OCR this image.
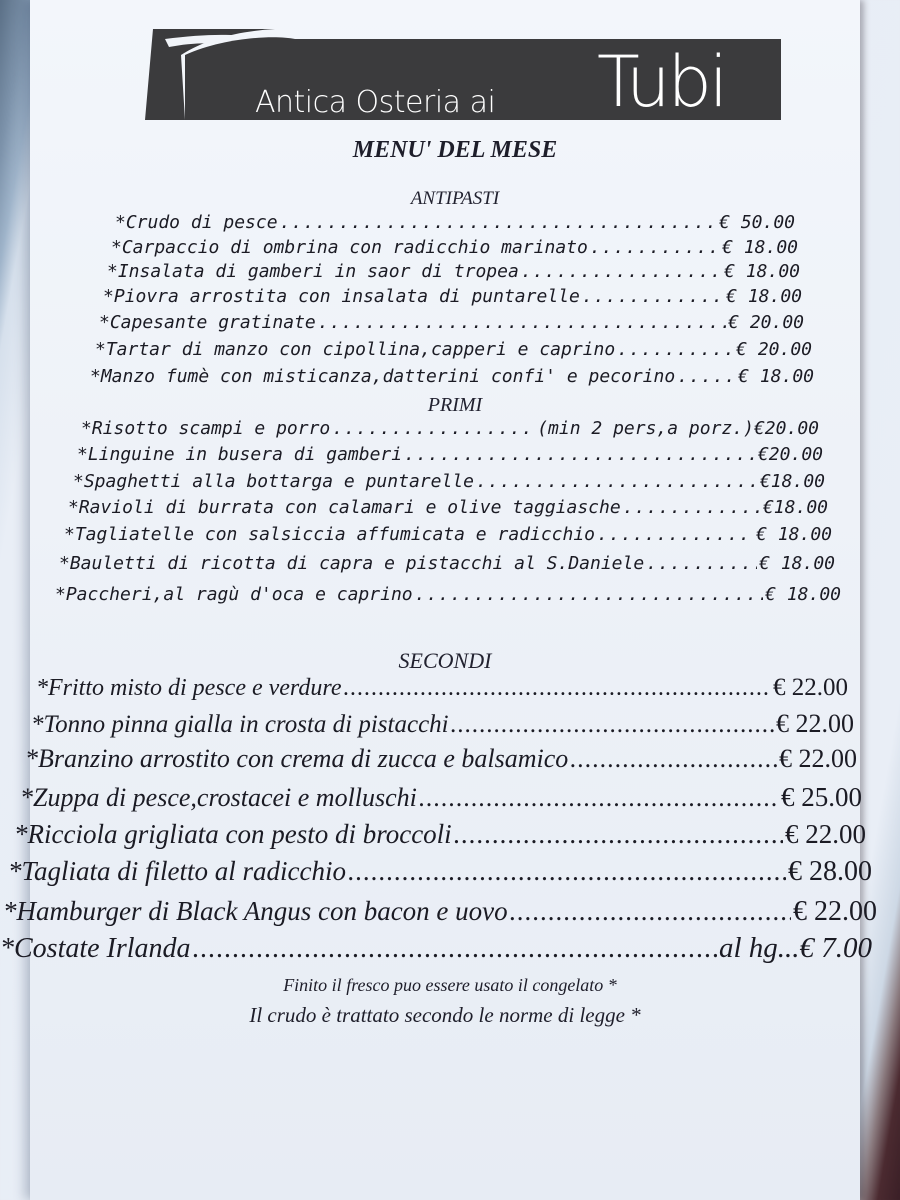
Antica Osteria ai Tubi
MENU' DEL MESE
ANTIPASTI
*Crudo di pesce .....	€ 50.00
*Carpaccio di ombrina con radicchio marinato .....	€ 18.00
*Insalata di gamberi in saor di tropea .....	€ 18.00
*Piovra arrostita con insalata di puntarelle .....	€ 18.00
*Capesante gratinate .....	€ 20.00
*Tartar di manzo con cipollina,capperi e caprino .....	€ 20.00
*Manzo fumè con misticanza,datterini confi' e pecorino .....	€ 18.00
PRIMI
*Risotto scampi e porro .....	(min 2 pers,a porz.) €20.00
*Linguine in busera di gamberi .....	€20.00
*Spaghetti alla bottarga e puntarelle .....	€18.00
*Ravioli di burrata con calamari e olive taggiasche .....	€18.00
*Tagliatelle con salsiccia affumicata e radicchio .....	€ 18.00
*Bauletti di ricotta di capra e pistacchi al S.Daniele .....	€ 18.00
*Paccheri,al ragù d'oca e caprino .....	€ 18.00
SECONDI
*Fritto misto di pesce e verdure .....	€ 22.00
*Tonno pinna gialla in crosta di pistacchi .....	€ 22.00
*Branzino arrostito con crema di zucca e balsamico .....	€ 22.00
*Zuppa di pesce,crostacei e molluschi .....	€ 25.00
*Ricciola grigliata con pesto di broccoli .....	€ 22.00
*Tagliata di filetto al radicchio .....	€ 28.00
*Hamburger di Black Angus con bacon e uovo .....	€ 22.00
*Costate Irlanda .....	al hg...€ 7.00
Finito il fresco puo essere usato il congelato *
Il crudo è trattato secondo le norme di legge *
